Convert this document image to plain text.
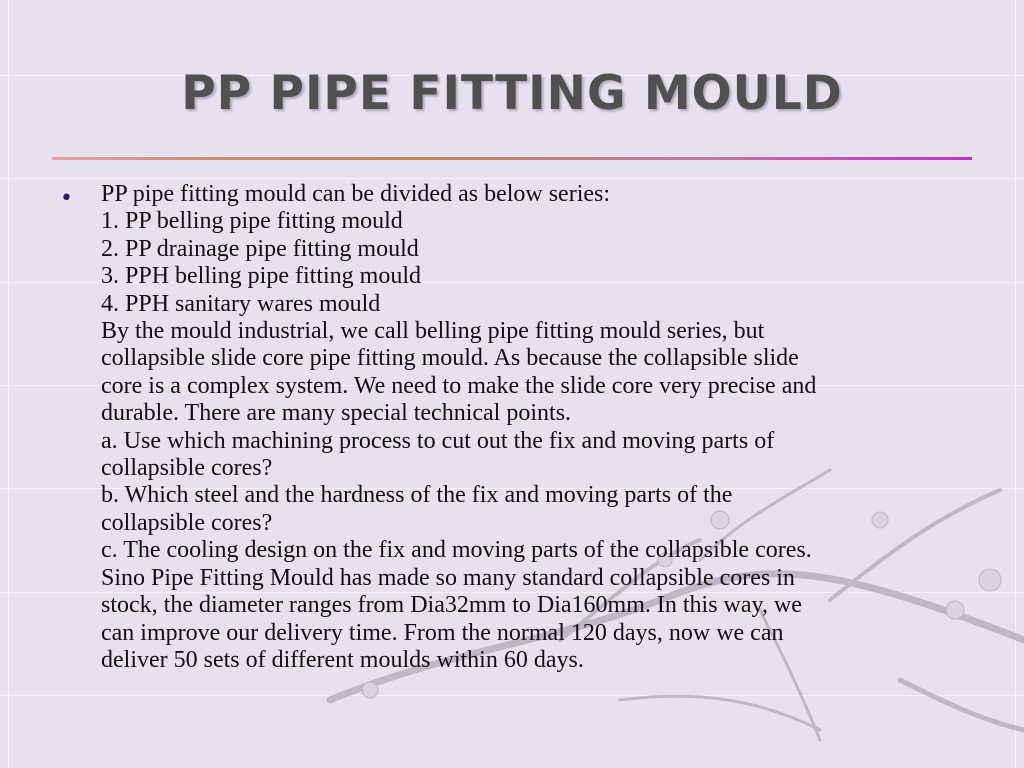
PP PIPE FITTING MOULD
• PP pipe fitting mould can be divided as below series:
1. PP belling pipe fitting mould
2. PP drainage pipe fitting mould
3. PPH belling pipe fitting mould
4. PPH sanitary wares mould
By the mould industrial, we call belling pipe fitting mould series, but
collapsible slide core pipe fitting mould. As because the collapsible slide
core is a complex system. We need to make the slide core very precise and
durable. There are many special technical points.
a. Use which machining process to cut out the fix and moving parts of
collapsible cores?
b. Which steel and the hardness of the fix and moving parts of the
collapsible cores?
c. The cooling design on the fix and moving parts of the collapsible cores.
Sino Pipe Fitting Mould has made so many standard collapsible cores in
stock, the diameter ranges from Dia32mm to Dia160mm. In this way, we
can improve our delivery time. From the normal 120 days, now we can
deliver 50 sets of different moulds within 60 days.
